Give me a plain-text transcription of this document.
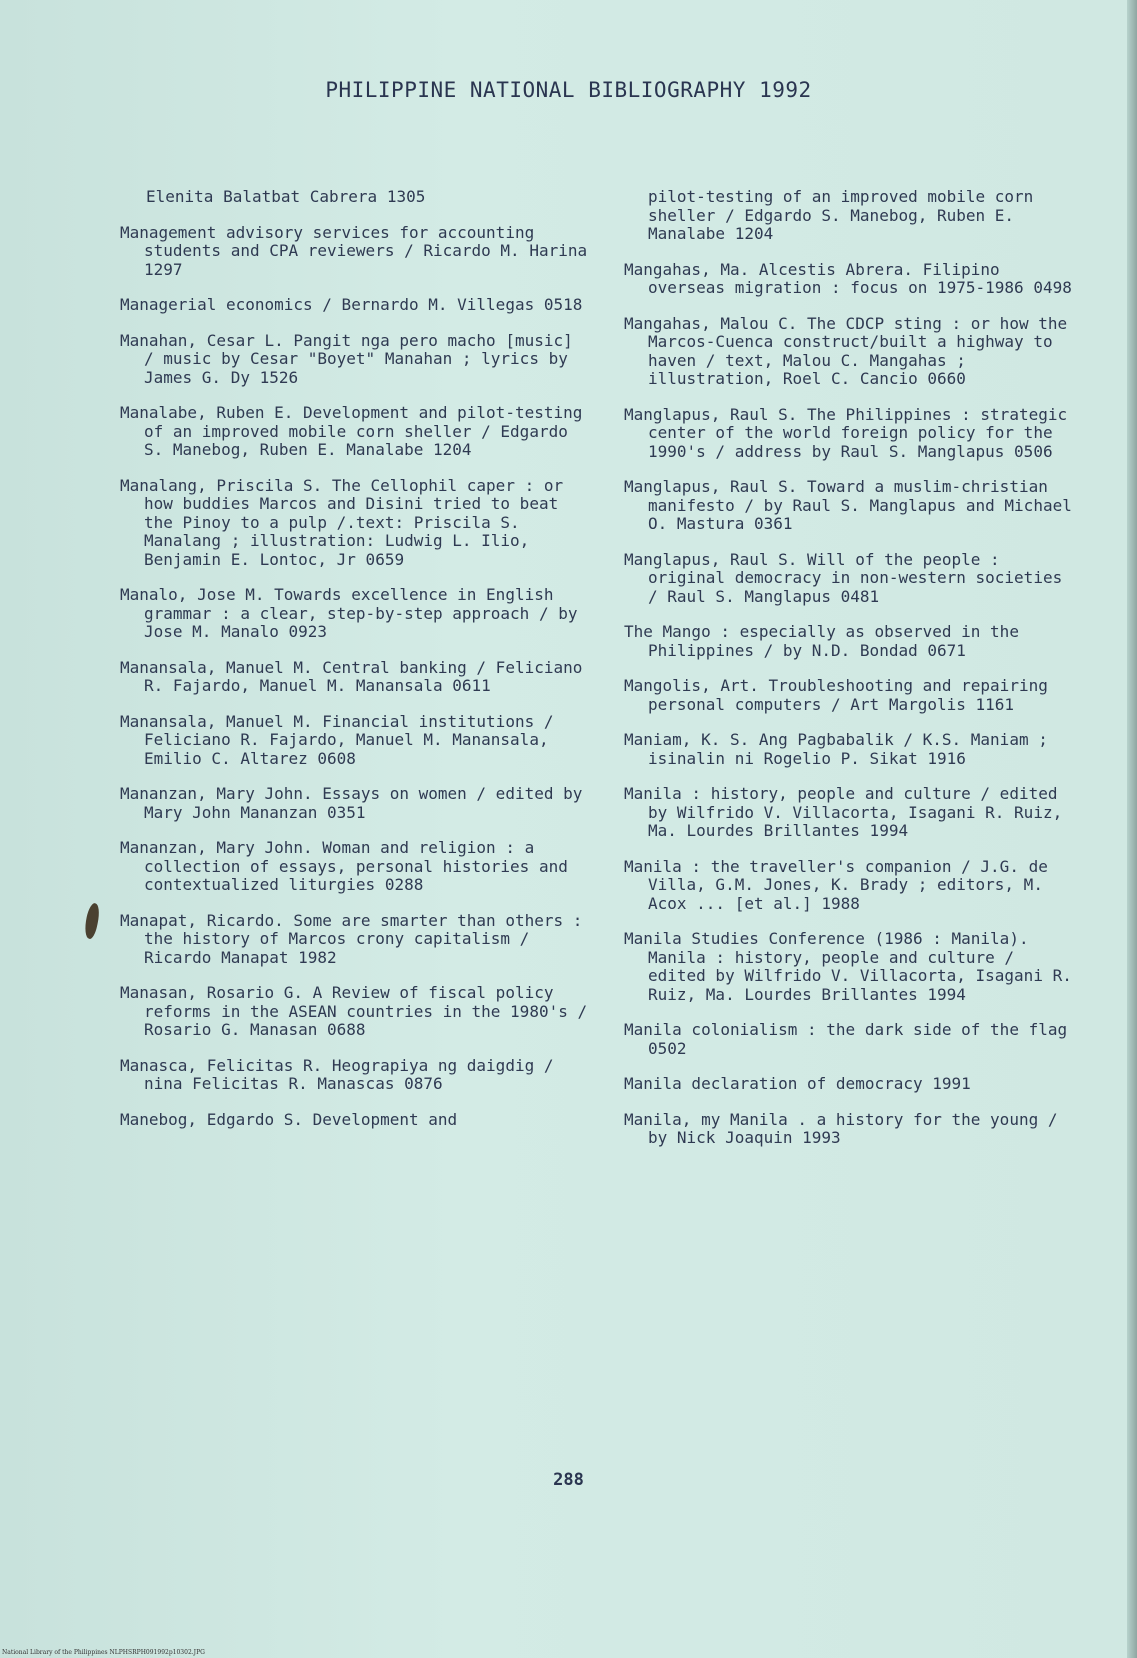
PHILIPPINE NATIONAL BIBLIOGRAPHY 1992
Elenita Balatbat Cabrera 1305
Management advisory services for accounting students and CPA reviewers / Ricardo M. Harina 1297
Managerial economics / Bernardo M. Villegas 0518
Manahan, Cesar L. Pangit nga pero macho [music] / music by Cesar "Boyet" Manahan ; lyrics by James G. Dy 1526
Manalabe, Ruben E. Development and pilot-testing of an improved mobile corn sheller / Edgardo S. Manebog, Ruben E. Manalabe 1204
Manalang, Priscila S. The Cellophil caper : or how buddies Marcos and Disini tried to beat the Pinoy to a pulp /.text: Priscila S. Manalang ; illustration: Ludwig L. Ilio, Benjamin E. Lontoc, Jr 0659
Manalo, Jose M. Towards excellence in English grammar : a clear, step-by-step approach / by Jose M. Manalo 0923
Manansala, Manuel M. Central banking / Feliciano R. Fajardo, Manuel M. Manansala 0611
Manansala, Manuel M. Financial institutions / Feliciano R. Fajardo, Manuel M. Manansala, Emilio C. Altarez 0608
Mananzan, Mary John. Essays on women / edited by Mary John Mananzan 0351
Mananzan, Mary John. Woman and religion : a collection of essays, personal histories and contextualized liturgies 0288
Manapat, Ricardo. Some are smarter than others : the history of Marcos crony capitalism / Ricardo Manapat 1982
Manasan, Rosario G. A Review of fiscal policy reforms in the ASEAN countries in the 1980's / Rosario G. Manasan 0688
Manasca, Felicitas R. Heograpiya ng daigdig / nina Felicitas R. Manascas 0876
Manebog, Edgardo S. Development and
pilot-testing of an improved mobile corn sheller / Edgardo S. Manebog, Ruben E. Manalabe 1204
Mangahas, Ma. Alcestis Abrera. Filipino overseas migration : focus on 1975-1986 0498
Mangahas, Malou C. The CDCP sting : or how the Marcos-Cuenca construct/built a highway to haven / text, Malou C. Mangahas ; illustration, Roel C. Cancio 0660
Manglapus, Raul S. The Philippines : strategic center of the world foreign policy for the 1990's / address by Raul S. Manglapus 0506
Manglapus, Raul S. Toward a muslim-christian manifesto / by Raul S. Manglapus and Michael O. Mastura 0361
Manglapus, Raul S. Will of the people : original democracy in non-western societies / Raul S. Manglapus 0481
The Mango : especially as observed in the Philippines / by N.D. Bondad 0671
Mangolis, Art. Troubleshooting and repairing personal computers / Art Margolis 1161
Maniam, K. S. Ang Pagbabalik / K.S. Maniam ; isinalin ni Rogelio P. Sikat 1916
Manila : history, people and culture / edited by Wilfrido V. Villacorta, Isagani R. Ruiz, Ma. Lourdes Brillantes 1994
Manila : the traveller's companion / J.G. de Villa, G.M. Jones, K. Brady ; editors, M. Acox ... [et al.] 1988
Manila Studies Conference (1986 : Manila). Manila : history, people and culture / edited by Wilfrido V. Villacorta, Isagani R. Ruiz, Ma. Lourdes Brillantes 1994
Manila colonialism : the dark side of the flag 0502
Manila declaration of democracy 1991
Manila, my Manila . a history for the young / by Nick Joaquin 1993
288
National Library of the Philippines NLPHSRPH091992p10302.JPG
